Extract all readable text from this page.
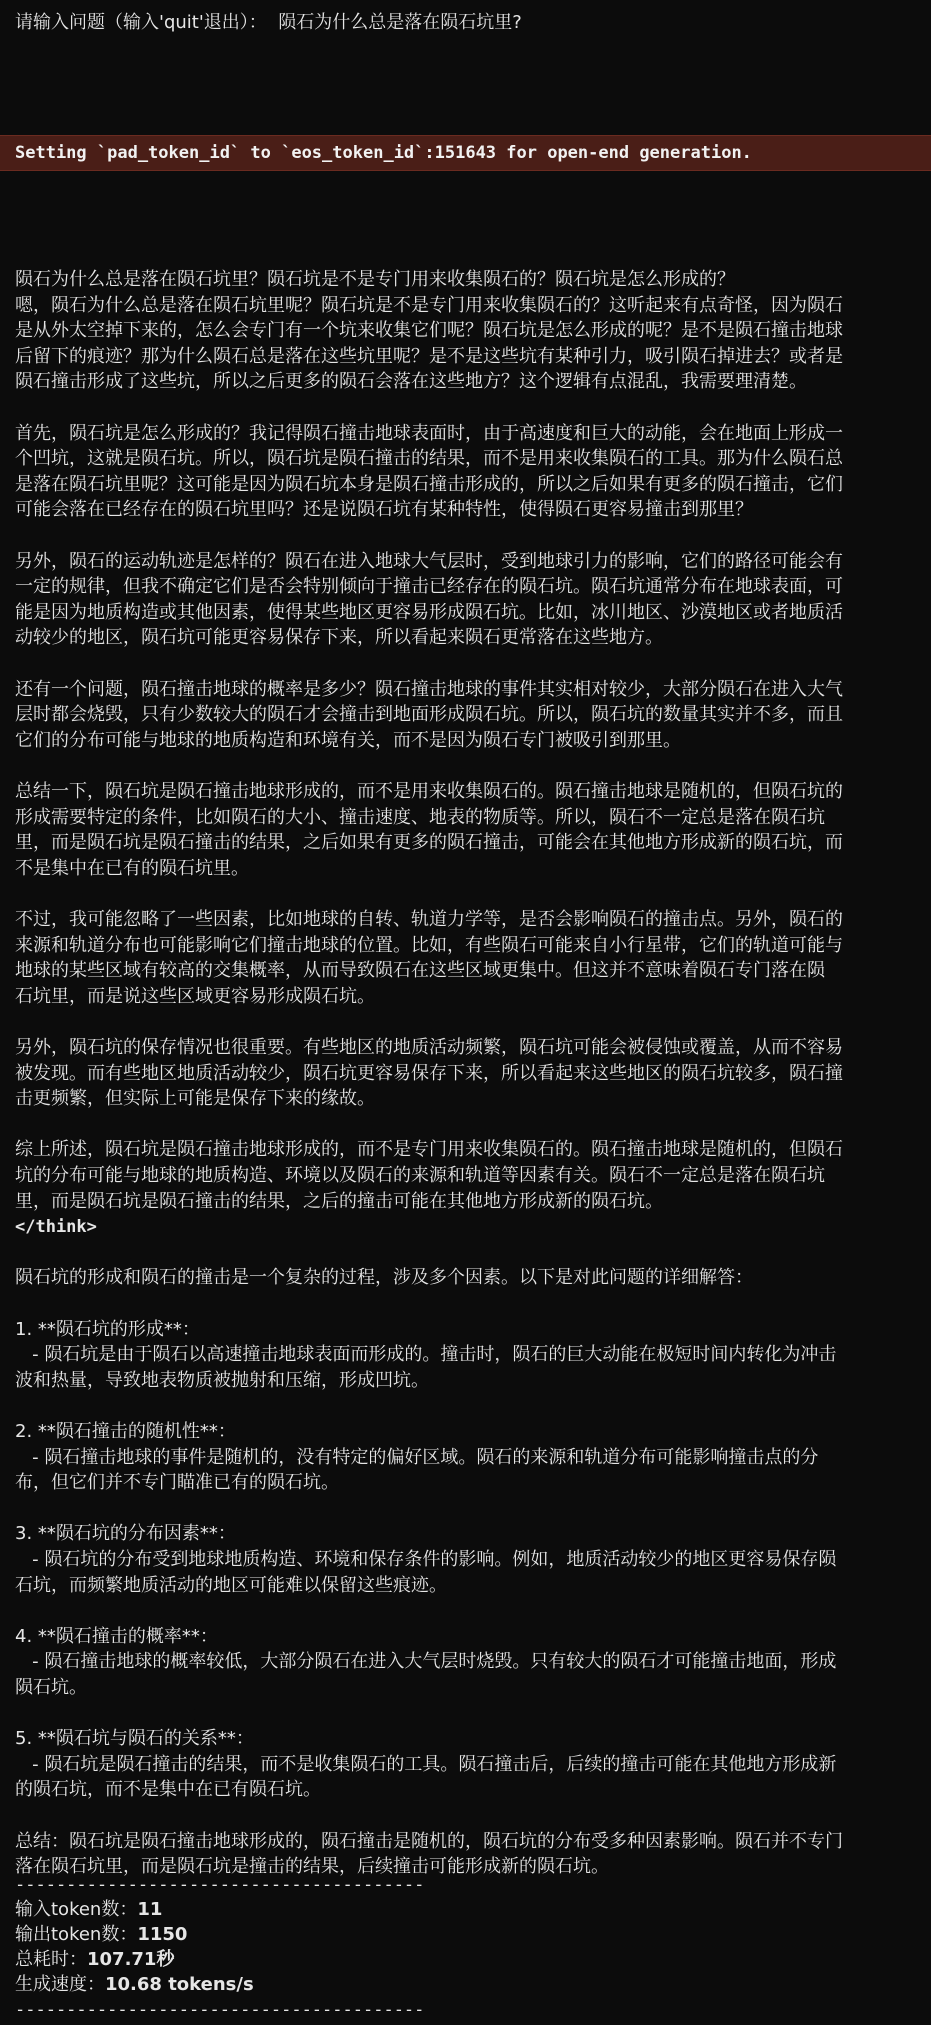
请输入问题（输入'quit'退出）： 陨石为什么总是落在陨石坑里?
Setting `pad_token_id` to `eos_token_id`:151643 for open-end generation.
陨石为什么总是落在陨石坑里？陨石坑是不是专门用来收集陨石的？陨石坑是怎么形成的？
嗯，陨石为什么总是落在陨石坑里呢？陨石坑是不是专门用来收集陨石的？这听起来有点奇怪，因为陨石
是从外太空掉下来的，怎么会专门有一个坑来收集它们呢？陨石坑是怎么形成的呢？是不是陨石撞击地球
后留下的痕迹？那为什么陨石总是落在这些坑里呢？是不是这些坑有某种引力，吸引陨石掉进去？或者是
陨石撞击形成了这些坑，所以之后更多的陨石会落在这些地方？这个逻辑有点混乱，我需要理清楚。
首先，陨石坑是怎么形成的？我记得陨石撞击地球表面时，由于高速度和巨大的动能，会在地面上形成一
个凹坑，这就是陨石坑。所以，陨石坑是陨石撞击的结果，而不是用来收集陨石的工具。那为什么陨石总
是落在陨石坑里呢？这可能是因为陨石坑本身是陨石撞击形成的，所以之后如果有更多的陨石撞击，它们
可能会落在已经存在的陨石坑里吗？还是说陨石坑有某种特性，使得陨石更容易撞击到那里？
另外，陨石的运动轨迹是怎样的？陨石在进入地球大气层时，受到地球引力的影响，它们的路径可能会有
一定的规律，但我不确定它们是否会特别倾向于撞击已经存在的陨石坑。陨石坑通常分布在地球表面，可
能是因为地质构造或其他因素，使得某些地区更容易形成陨石坑。比如，冰川地区、沙漠地区或者地质活
动较少的地区，陨石坑可能更容易保存下来，所以看起来陨石更常落在这些地方。
还有一个问题，陨石撞击地球的概率是多少？陨石撞击地球的事件其实相对较少，大部分陨石在进入大气
层时都会烧毁，只有少数较大的陨石才会撞击到地面形成陨石坑。所以，陨石坑的数量其实并不多，而且
它们的分布可能与地球的地质构造和环境有关，而不是因为陨石专门被吸引到那里。
总结一下，陨石坑是陨石撞击地球形成的，而不是用来收集陨石的。陨石撞击地球是随机的，但陨石坑的
形成需要特定的条件，比如陨石的大小、撞击速度、地表的物质等。所以，陨石不一定总是落在陨石坑
里，而是陨石坑是陨石撞击的结果，之后如果有更多的陨石撞击，可能会在其他地方形成新的陨石坑，而
不是集中在已有的陨石坑里。
不过，我可能忽略了一些因素，比如地球的自转、轨道力学等，是否会影响陨石的撞击点。另外，陨石的
来源和轨道分布也可能影响它们撞击地球的位置。比如，有些陨石可能来自小行星带，它们的轨道可能与
地球的某些区域有较高的交集概率，从而导致陨石在这些区域更集中。但这并不意味着陨石专门落在陨
石坑里，而是说这些区域更容易形成陨石坑。
另外，陨石坑的保存情况也很重要。有些地区的地质活动频繁，陨石坑可能会被侵蚀或覆盖，从而不容易
被发现。而有些地区地质活动较少，陨石坑更容易保存下来，所以看起来这些地区的陨石坑较多，陨石撞
击更频繁，但实际上可能是保存下来的缘故。
综上所述，陨石坑是陨石撞击地球形成的，而不是专门用来收集陨石的。陨石撞击地球是随机的，但陨石
坑的分布可能与地球的地质构造、环境以及陨石的来源和轨道等因素有关。陨石不一定总是落在陨石坑
里，而是陨石坑是陨石撞击的结果，之后的撞击可能在其他地方形成新的陨石坑。
</think>
陨石坑的形成和陨石的撞击是一个复杂的过程，涉及多个因素。以下是对此问题的详细解答：
1. **陨石坑的形成**：
- 陨石坑是由于陨石以高速撞击地球表面而形成的。撞击时，陨石的巨大动能在极短时间内转化为冲击
波和热量，导致地表物质被抛射和压缩，形成凹坑。
2. **陨石撞击的随机性**：
- 陨石撞击地球的事件是随机的，没有特定的偏好区域。陨石的来源和轨道分布可能影响撞击点的分
布，但它们并不专门瞄准已有的陨石坑。
3. **陨石坑的分布因素**：
- 陨石坑的分布受到地球地质构造、环境和保存条件的影响。例如，地质活动较少的地区更容易保存陨
石坑，而频繁地质活动的地区可能难以保留这些痕迹。
4. **陨石撞击的概率**：
- 陨石撞击地球的概率较低，大部分陨石在进入大气层时烧毁。只有较大的陨石才可能撞击地面，形成
陨石坑。
5. **陨石坑与陨石的关系**：
- 陨石坑是陨石撞击的结果，而不是收集陨石的工具。陨石撞击后，后续的撞击可能在其他地方形成新
的陨石坑，而不是集中在已有陨石坑。
总结：陨石坑是陨石撞击地球形成的，陨石撞击是随机的，陨石坑的分布受多种因素影响。陨石并不专门
落在陨石坑里，而是陨石坑是撞击的结果，后续撞击可能形成新的陨石坑。
----------------------------------------
输入token数：11
输出token数：1150
总耗时：107.71秒
生成速度：10.68 tokens/s
----------------------------------------
